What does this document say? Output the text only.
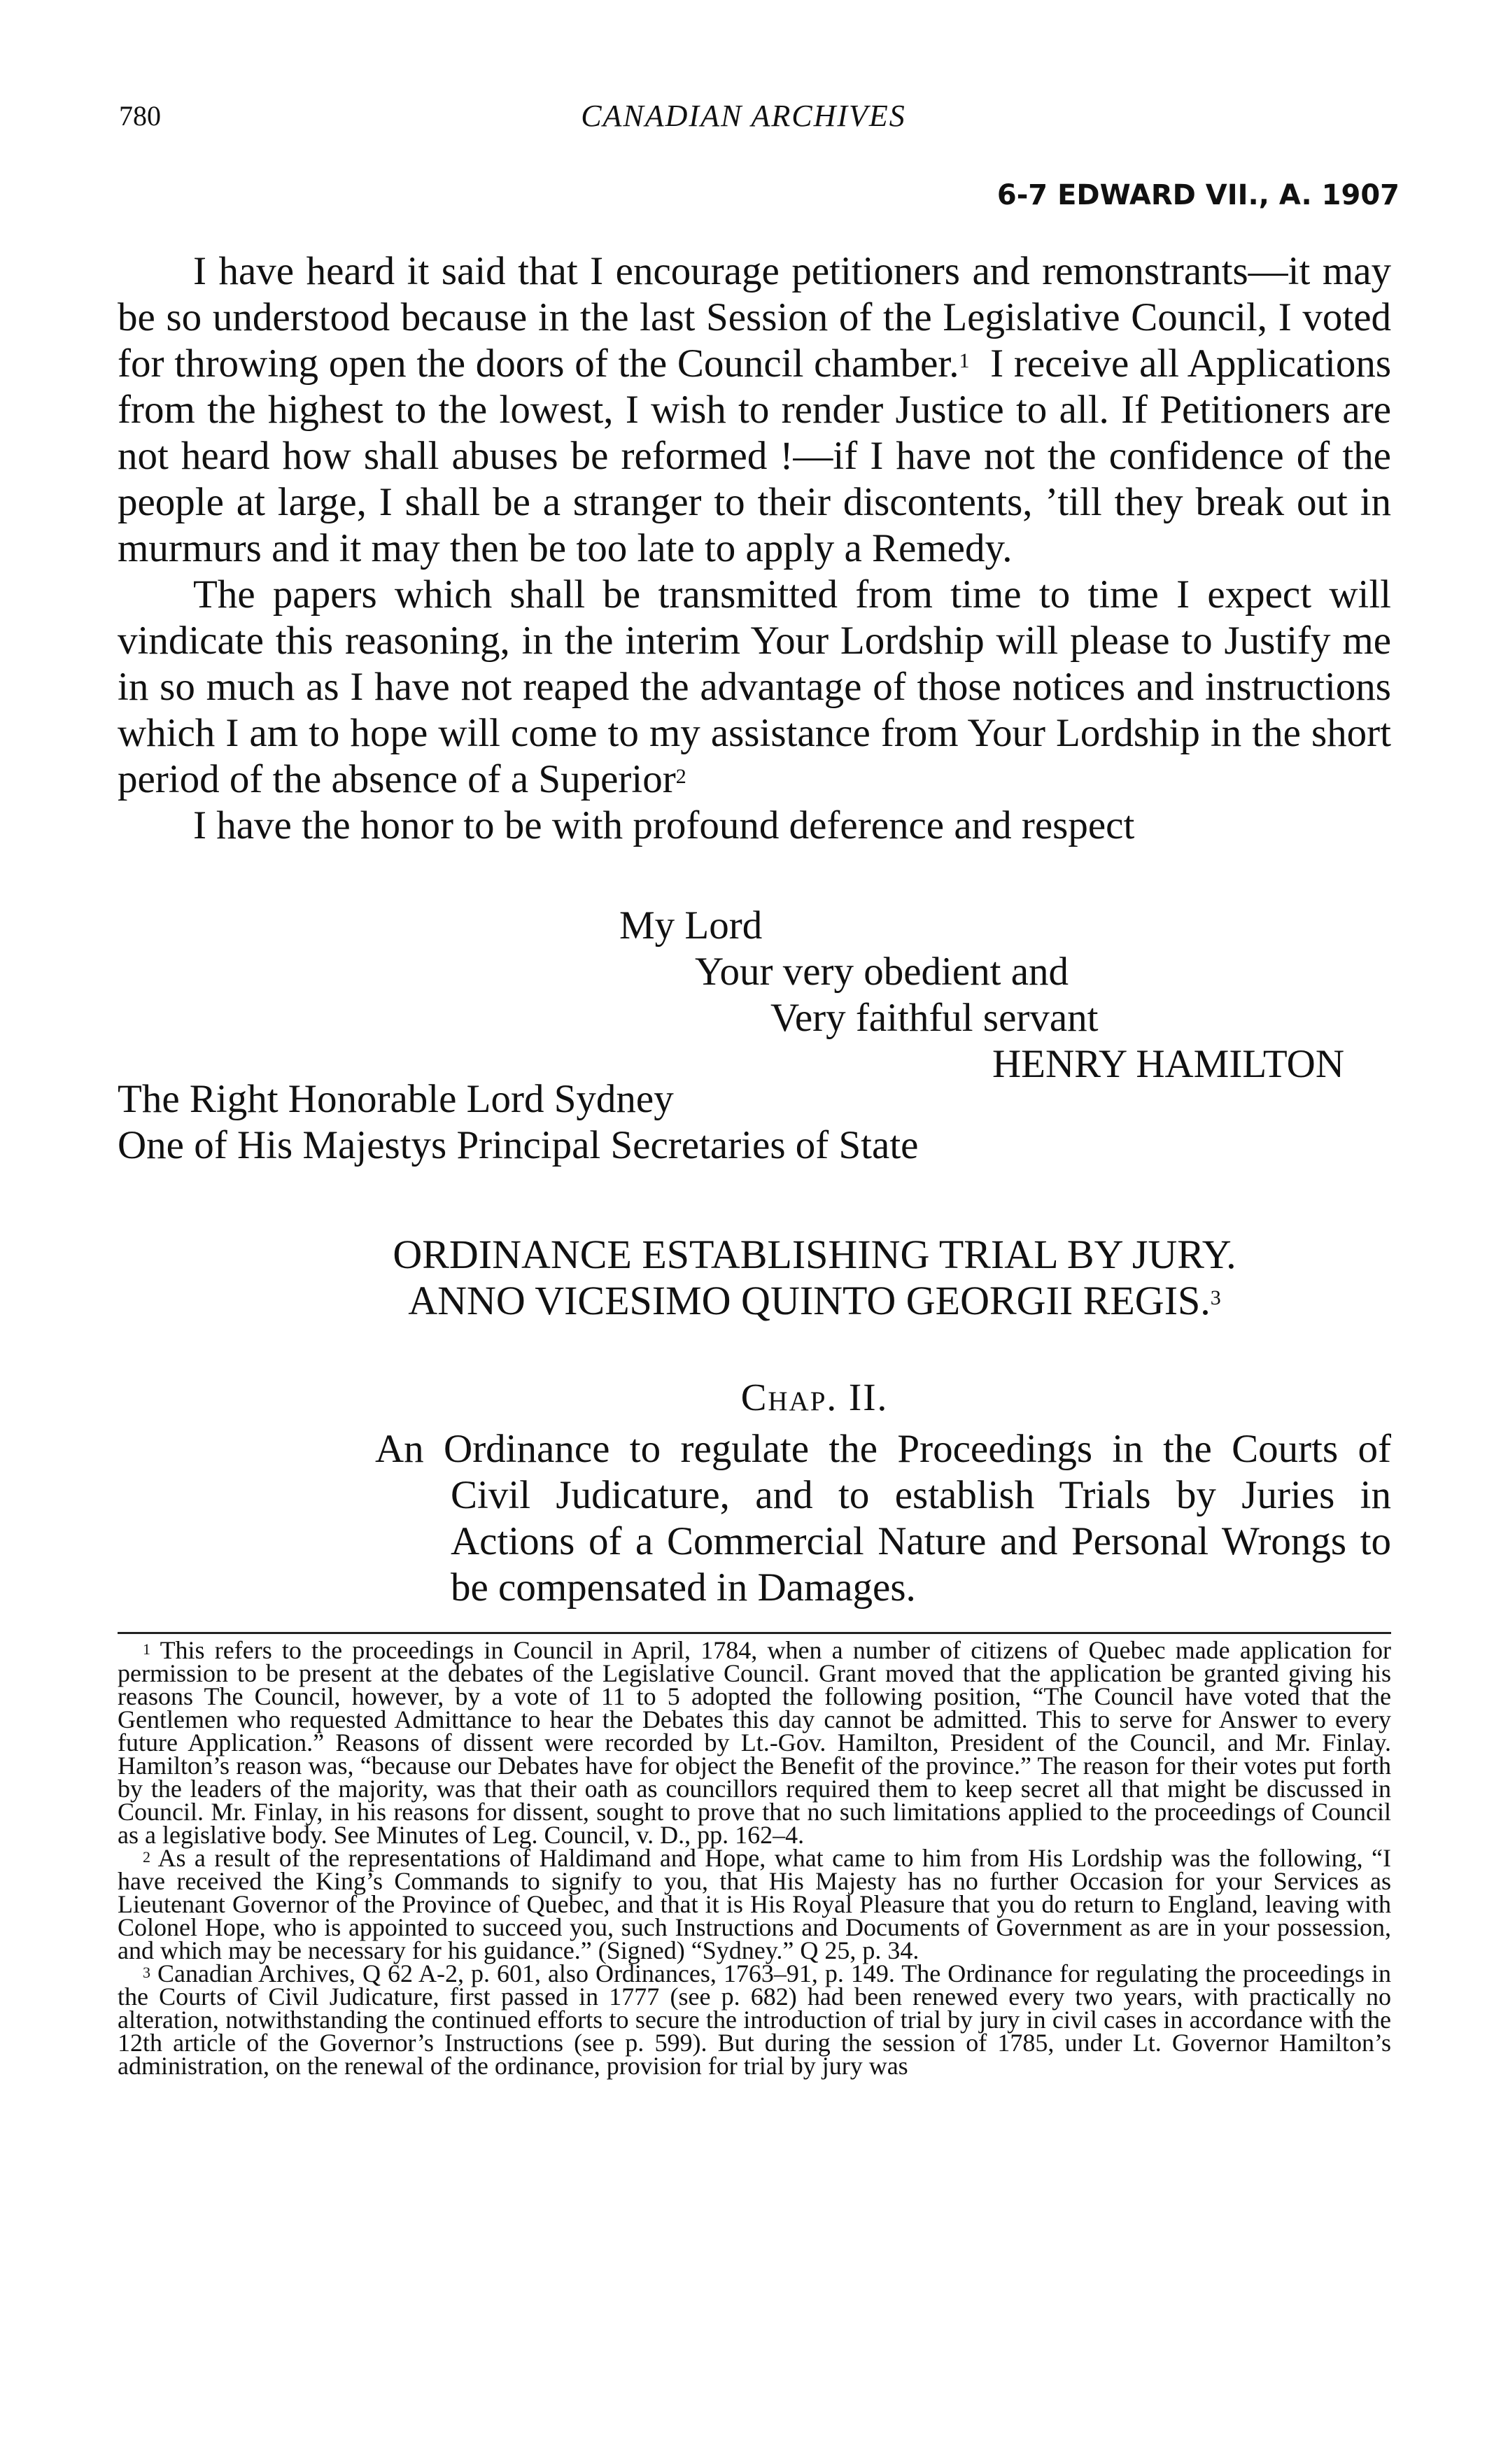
780	CANADIAN ARCHIVES
6-7 EDWARD VII., A. 1907

I have heard it said that I encourage petitioners and remonstrants—it may be so understood because in the last Session of the Legislative Council, I voted for throwing open the doors of the Council chamber.$^1$ I receive all Applications from the highest to the lowest, I wish to render Justice to all. If Petitioners are not heard how shall abuses be reformed !—if I have not the confidence of the people at large, I shall be a stranger to their discontents, ’till they break out in murmurs and it may then be too late to apply a Remedy.

The papers which shall be transmitted from time to time I expect will vindicate this reasoning, in the interim Your Lordship will please to Justify me in so much as I have not reaped the advantage of those notices and instructions which I am to hope will come to my assistance from Your Lordship in the short period of the absence of a Superior$^2$

I have the honor to be with profound deference and respect

My Lord
Your very obedient and
Very faithful servant
HENRY HAMILTON
The Right Honorable Lord Sydney
One of His Majestys Principal Secretaries of State
ORDINANCE ESTABLISHING TRIAL BY JURY.
ANNO VICESIMO QUINTO GEORGII REGIS.$^3$
Chap. II.

An Ordinance to regulate the Proceedings in the Courts of Civil Judicature, and to establish Trials by Juries in Actions of a Commercial Nature and Personal Wrongs to be compensated in Damages.

$^1$ This refers to the proceedings in Council in April, 1784, when a number of citizens of Quebec made application for permission to be present at the debates of the Legislative Council. Grant moved that the application be granted giving his reasons The Council, however, by a vote of 11 to 5 adopted the following position, “The Council have voted that the Gentlemen who requested Admittance to hear the Debates this day cannot be admitted. This to serve for Answer to every future Application.” Reasons of dissent were recorded by Lt.-Gov. Hamilton, President of the Council, and Mr. Finlay. Hamilton’s reason was, “because our Debates have for object the Benefit of the province.” The reason for their votes put forth by the leaders of the majority, was that their oath as councillors required them to keep secret all that might be discussed in Council. Mr. Finlay, in his reasons for dissent, sought to prove that no such limitations applied to the proceedings of Council as a legislative body. See Minutes of Leg. Council, v. D., pp. 162–4.

$^2$ As a result of the representations of Haldimand and Hope, what came to him from His Lordship was the following, “I have received the King’s Commands to signify to you, that His Majesty has no further Occasion for your Services as Lieutenant Governor of the Province of Quebec, and that it is His Royal Pleasure that you do return to England, leaving with Colonel Hope, who is appointed to succeed you, such Instructions and Documents of Government as are in your possession, and which may be necessary for his guidance.” (Signed) “Sydney.” Q 25, p. 34.

$^3$ Canadian Archives, Q 62 A-2, p. 601, also Ordinances, 1763–91, p. 149. The Ordinance for regulating the proceedings in the Courts of Civil Judicature, first passed in 1777 (see p. 682) had been renewed every two years, with practically no alteration, notwithstanding the continued efforts to secure the introduction of trial by jury in civil cases in accordance with the 12th article of the Governor’s Instructions (see p. 599). But during the session of 1785, under Lt. Governor Hamilton’s administration, on the renewal of the ordinance, provision for trial by jury was
